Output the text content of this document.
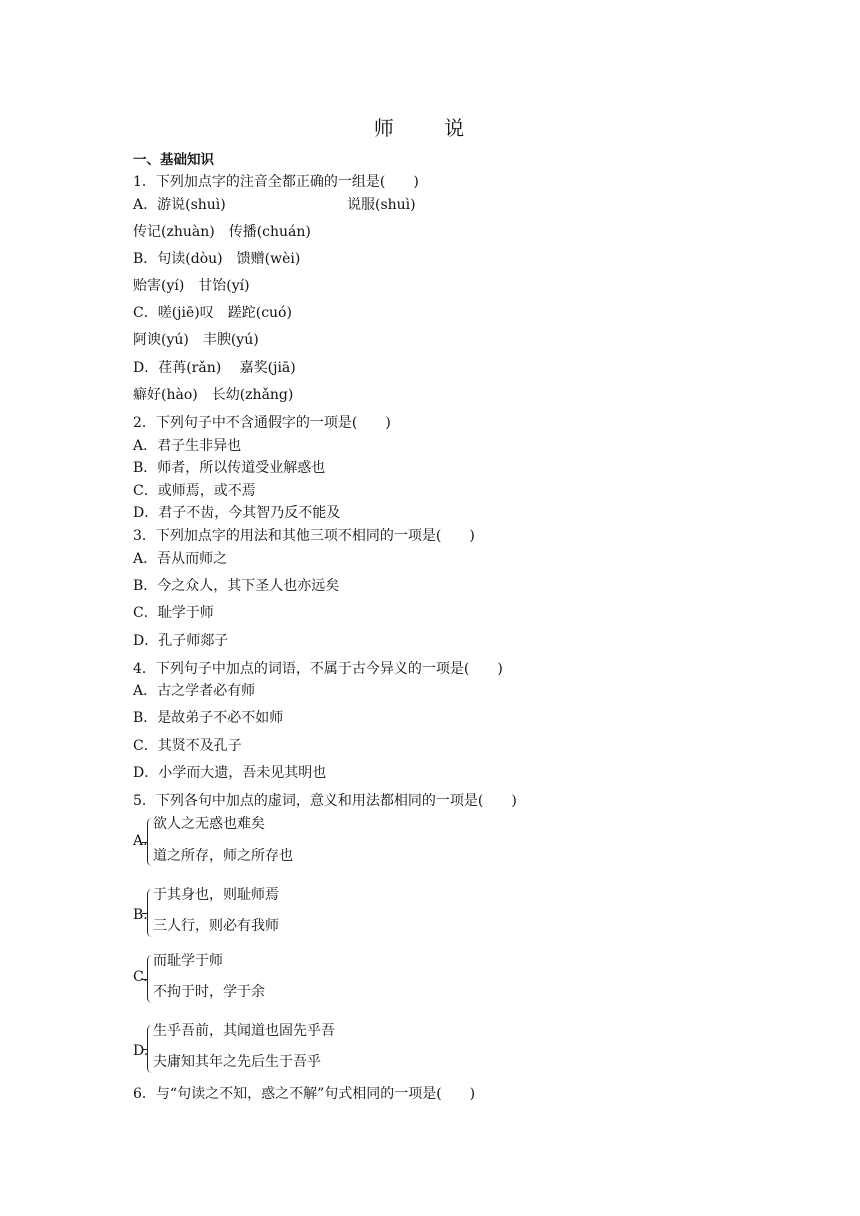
师 说
一、基础知识
1．下列加点字的注音全都正确的一组是(　　)
A．游说(shuì)	说服(shuì)
传记(zhuàn)　传播(chuán)
B．句读(dòu)　馈赠(wèi)
贻害(yí)　甘饴(yí)
C．嗟(jiē)叹　蹉跎(cuó)
阿谀(yú)　丰腴(yú)
D．荏苒(rǎn)　 嘉奖(jiā)
癖好(hào)　长幼(zhǎng)
2．下列句子中不含通假字的一项是(　　)
A．君子生非异也
B．师者，所以传道受业解惑也
C．或师焉，或不焉
D．君子不齿，今其智乃反不能及
3．下列加点字的用法和其他三项不相同的一项是(　　)
A．吾从而师之
B．今之众人，其下圣人也亦远矣
C．耻学于师
D．孔子师郯子
4．下列句子中加点的词语，不属于古今异义的一项是(　　)
A．古之学者必有师
B．是故弟子不必不如师
C．其贤不及孔子
D．小学而大遗，吾未见其明也
5．下列各句中加点的虚词，意义和用法都相同的一项是(　　)
A.
欲人之无惑也难矣
道之所存，师之所存也
B.
于其身也，则耻师焉
三人行，则必有我师
C.
而耻学于师
不拘于时，学于余
D.
生乎吾前，其闻道也固先乎吾
夫庸知其年之先后生于吾乎
6．与“句读之不知，惑之不解”句式相同的一项是(　　)
